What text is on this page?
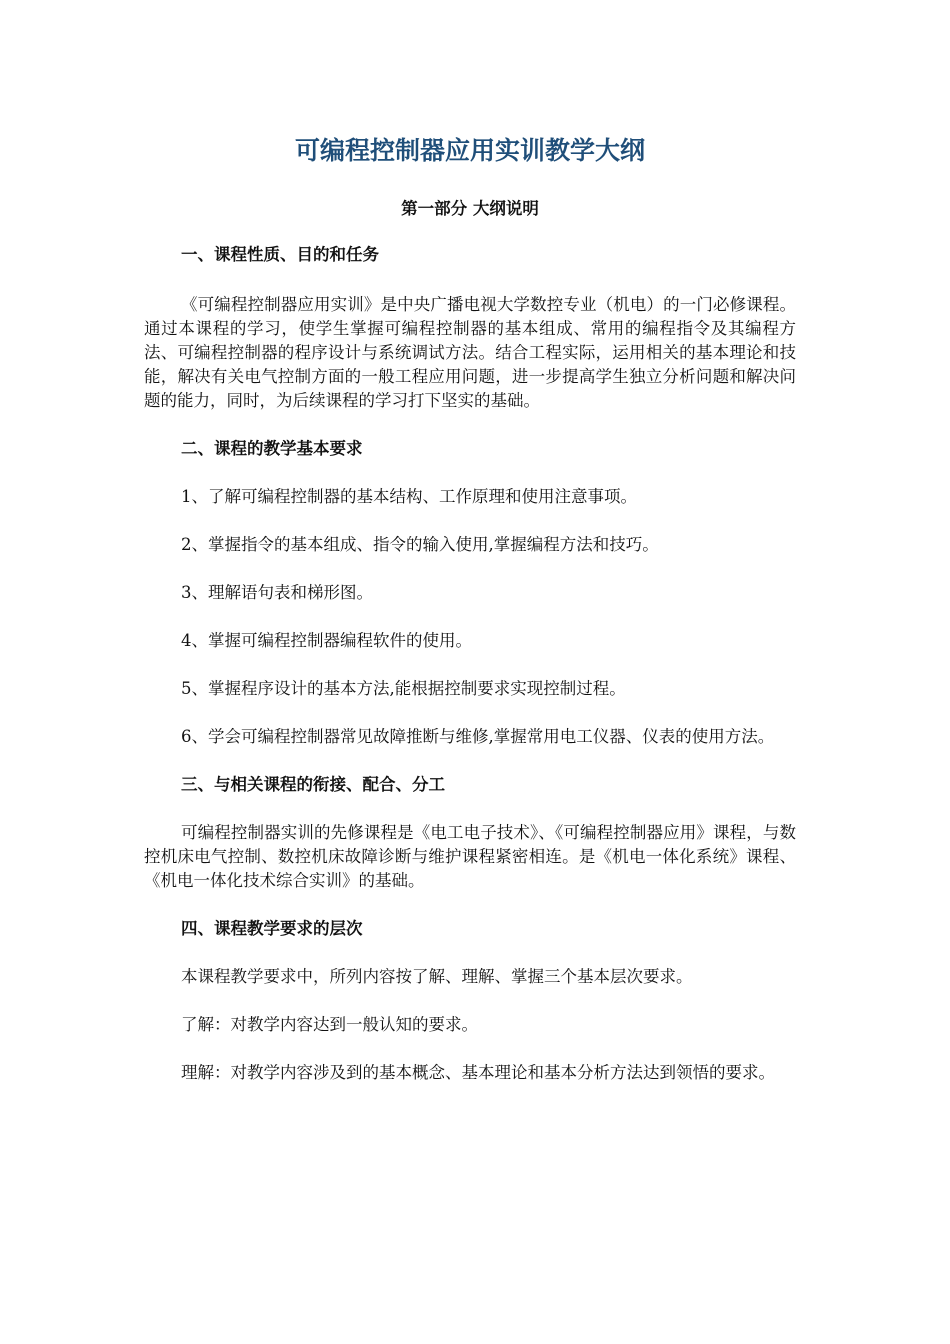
可编程控制器应用实训教学大纲
第一部分 大纲说明
一、课程性质、目的和任务

《可编程控制器应用实训》是中央广播电视大学数控专业（机电）的一门必修课程。通过本课程的学习，使学生掌握可编程控制器的基本组成、常用的编程指令及其编程方法、可编程控制器的程序设计与系统调试方法。结合工程实际，运用相关的基本理论和技能，解决有关电气控制方面的一般工程应用问题，进一步提高学生独立分析问题和解决问题的能力，同时，为后续课程的学习打下坚实的基础。

二、课程的教学基本要求

1、了解可编程控制器的基本结构、工作原理和使用注意事项。

2、掌握指令的基本组成、指令的输入使用,掌握编程方法和技巧。

3、理解语句表和梯形图。

4、掌握可编程控制器编程软件的使用。

5、掌握程序设计的基本方法,能根据控制要求实现控制过程。

6、学会可编程控制器常见故障推断与维修,掌握常用电工仪器、仪表的使用方法。

三、与相关课程的衔接、配合、分工

可编程控制器实训的先修课程是《电工电子技术》、《可编程控制器应用》课程，与数控机床电气控制、数控机床故障诊断与维护课程紧密相连。是《机电一体化系统》课程、《机电一体化技术综合实训》的基础。

四、课程教学要求的层次

本课程教学要求中，所列内容按了解、理解、掌握三个基本层次要求。

了解：对教学内容达到一般认知的要求。

理解：对教学内容涉及到的基本概念、基本理论和基本分析方法达到领悟的要求。
